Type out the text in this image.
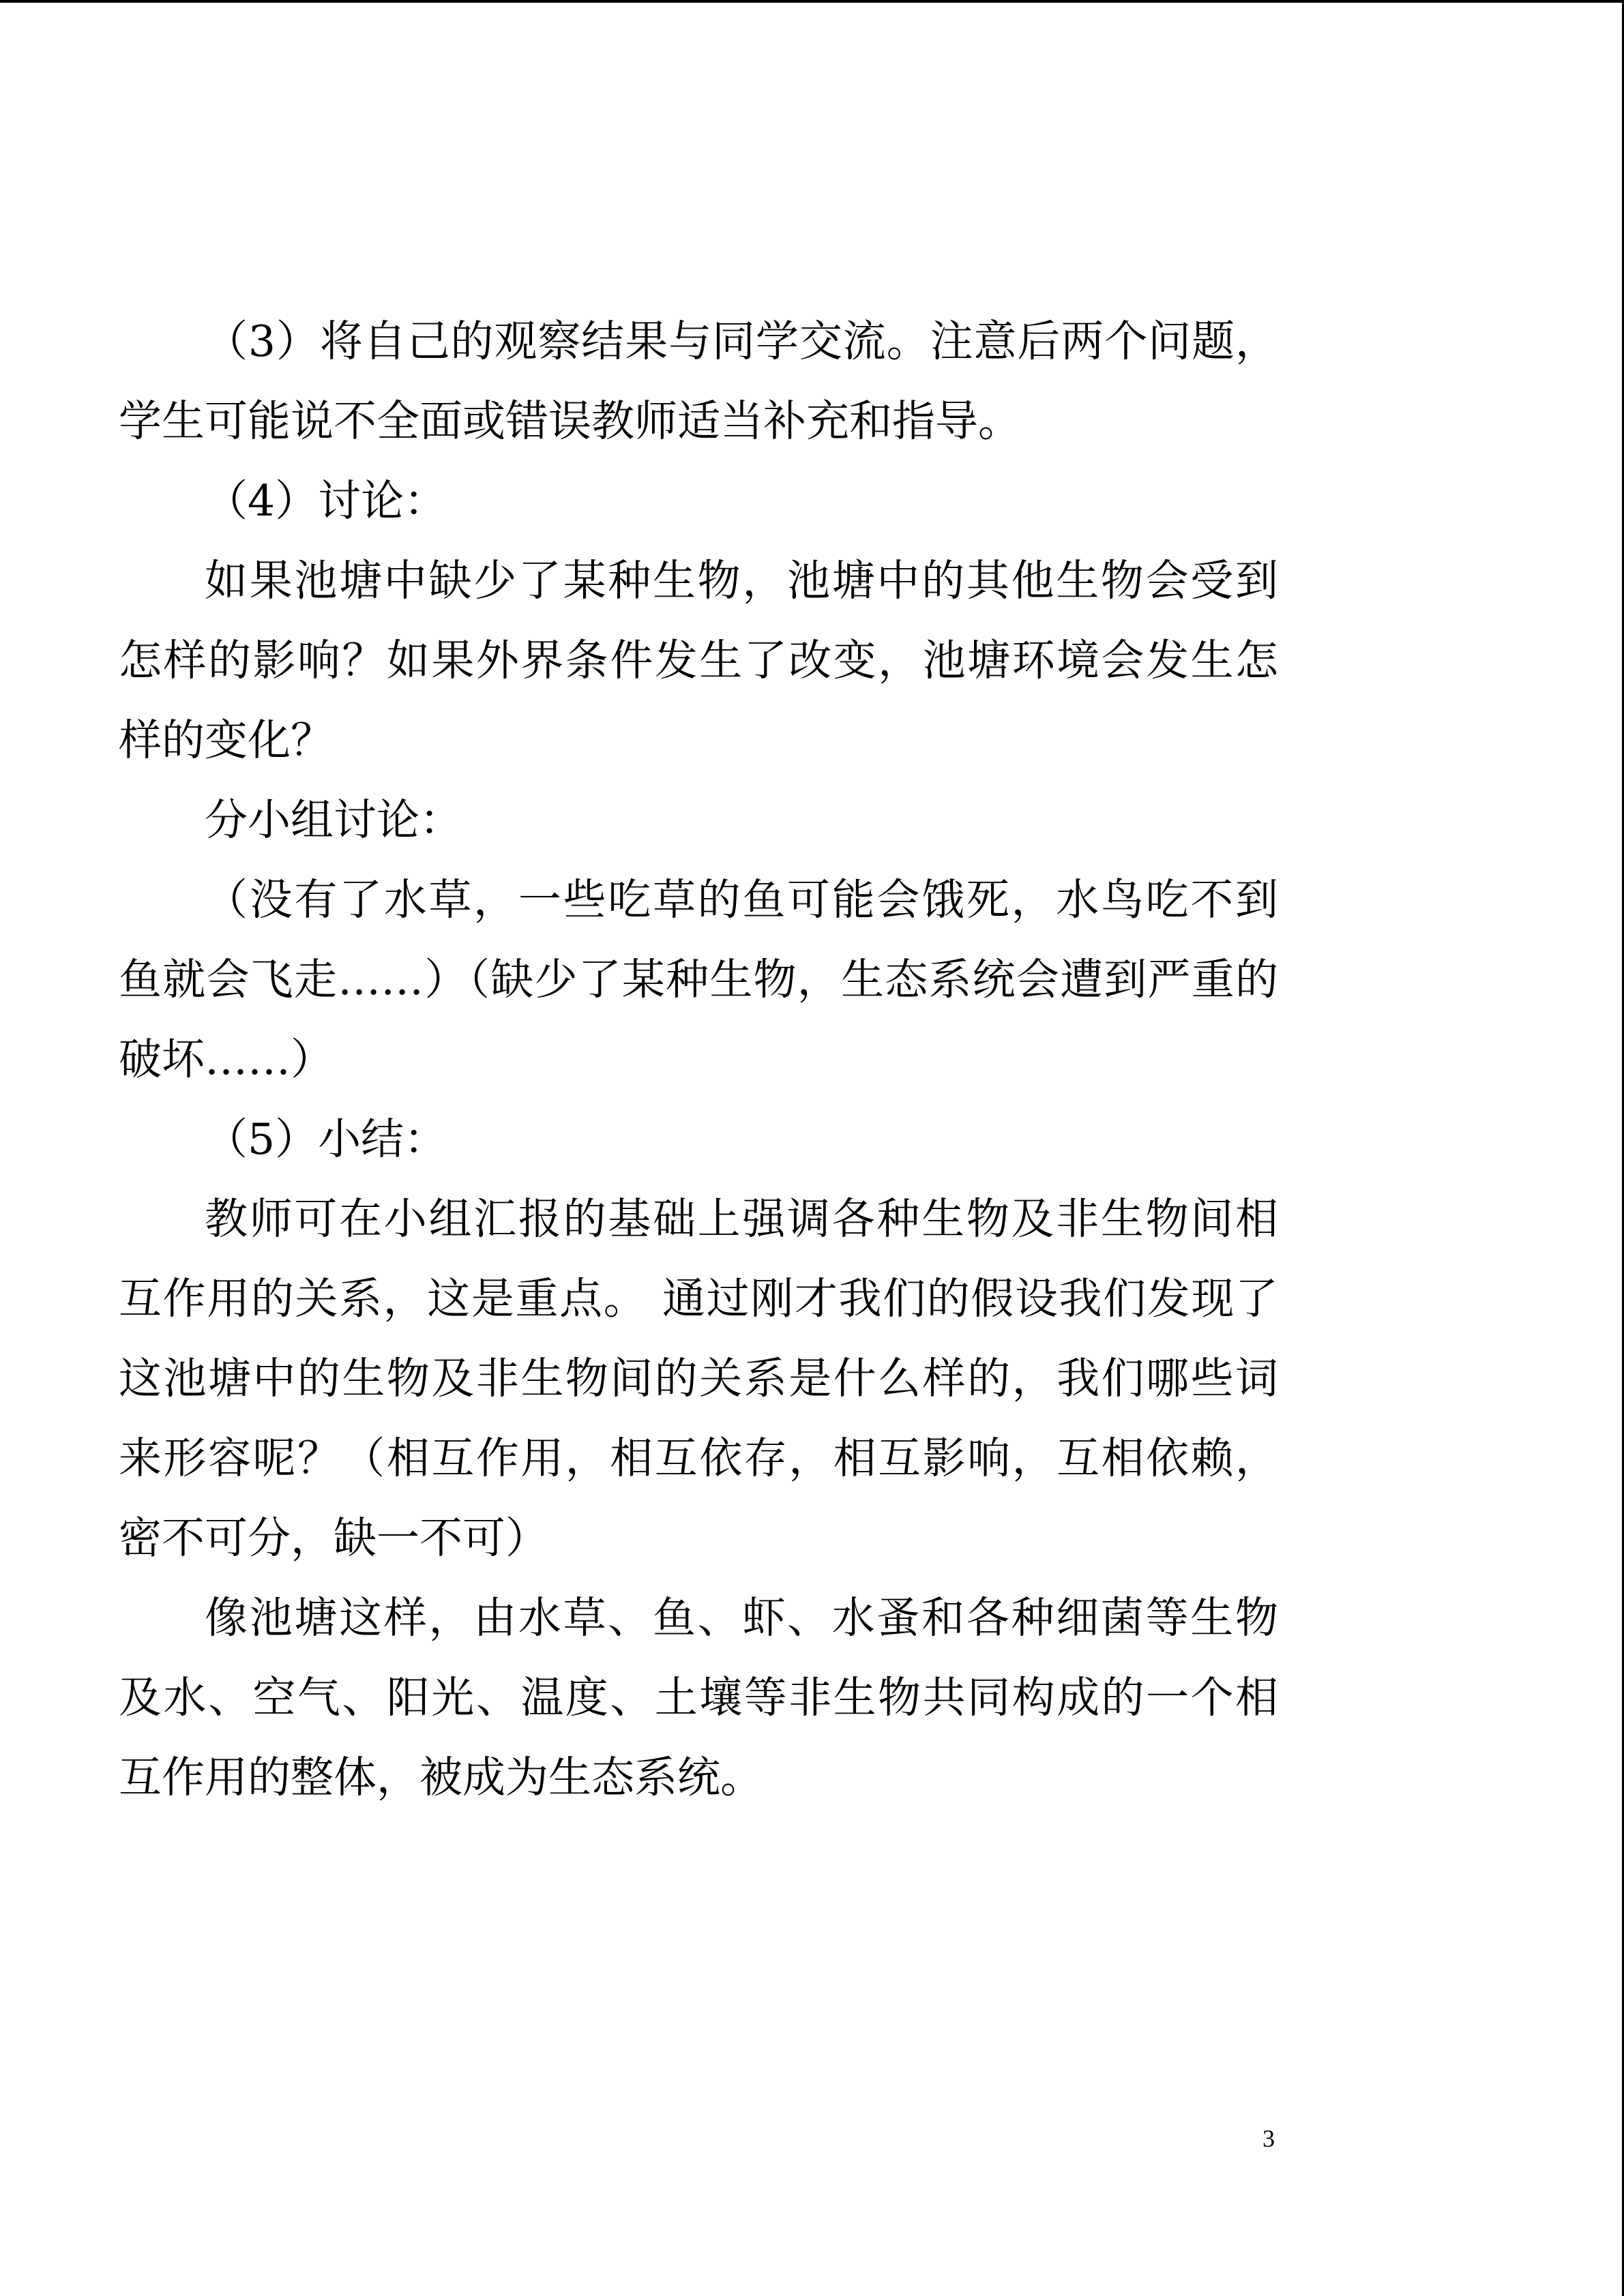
（3）将自己的观察结果与同学交流。注意后两个问题，学生可能说不全面或错误教师适当补充和指导。

（4）讨论：

如果池塘中缺少了某种生物，池塘中的其他生物会受到怎样的影响？如果外界条件发生了改变，池塘环境会发生怎样的变化？

分小组讨论：

（没有了水草，一些吃草的鱼可能会饿死，水鸟吃不到鱼就会飞走……）（缺少了某种生物，生态系统会遭到严重的破坏……）

（5）小结：

教师可在小组汇报的基础上强调各种生物及非生物间相互作用的关系，这是重点。 通过刚才我们的假设我们发现了这池塘中的生物及非生物间的关系是什么样的，我们哪些词来形容呢？（相互作用，相互依存，相互影响，互相依赖，密不可分，缺一不可）

像池塘这样，由水草、鱼、虾、水蚤和各种细菌等生物及水、空气、阳光、温度、土壤等非生物共同构成的一个相互作用的整体，被成为生态系统。

3
